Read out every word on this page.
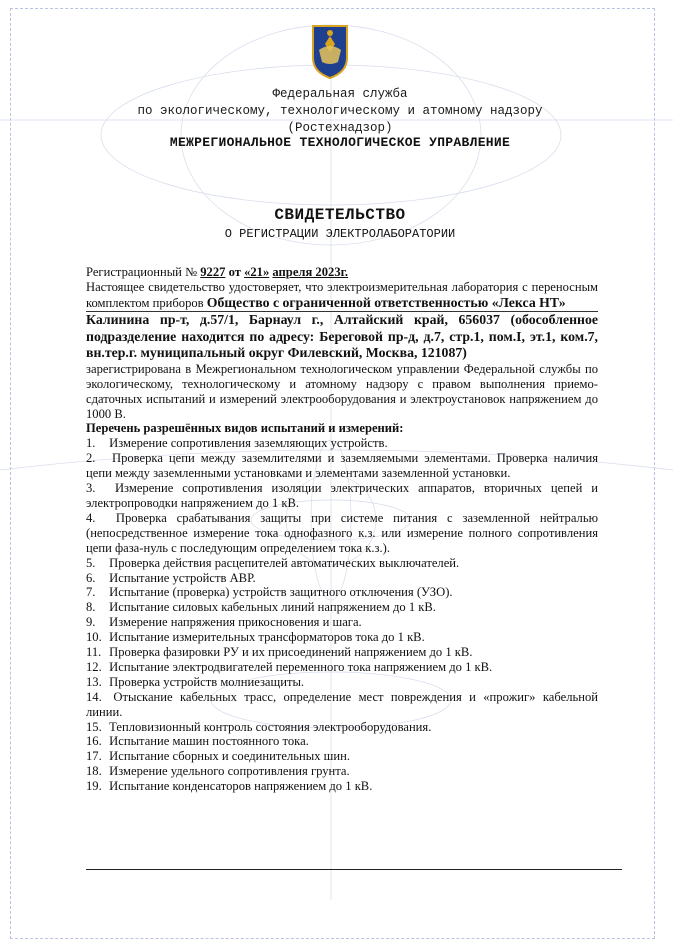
Федеральная служба
по экологическому, технологическому и атомному надзору
(Ростехнадзор)
МЕЖРЕГИОНАЛЬНОЕ ТЕХНОЛОГИЧЕСКОЕ УПРАВЛЕНИЕ
СВИДЕТЕЛЬСТВО
О РЕГИСТРАЦИИ ЭЛЕКТРОЛАБОРАТОРИИ

Регистрационный № 9227 от «21» апреля 2023г.

Настоящее свидетельство удостоверяет, что электроизмерительная лаборатория с переносным комплектом приборов Общество с ограниченной ответственностью «Лекса НТ»

Калинина пр-т, д.57/1, Барнаул г., Алтайский край, 656037 (обособленное подразделение находится по адресу: Береговой пр-д, д.7, стр.1, пом.I, эт.1, ком.7, вн.тер.г. муниципальный округ Филевский, Москва, 121087)

зарегистрирована в Межрегиональном технологическом управлении Федеральной службы по экологическому, технологическому и атомному надзору с правом выполнения приемо-сдаточных испытаний и измерений электрооборудования и электроустановок напряжением до 1000 В.

Перечень разрешённых видов испытаний и измерений:

1. Измерение сопротивления заземляющих устройств.
2. Проверка цепи между заземлителями и заземляемыми элементами. Проверка наличия цепи между заземленными установками и элементами заземленной установки.
3. Измерение сопротивления изоляции электрических аппаратов, вторичных цепей и электропроводки напряжением до 1 кВ.
4. Проверка срабатывания защиты при системе питания с заземленной нейтралью (непосредственное измерение тока однофазного к.з. или измерение полного сопротивления цепи фаза-нуль с последующим определением тока к.з.).
5. Проверка действия расцепителей автоматических выключателей.
6. Испытание устройств АВР.
7. Испытание (проверка) устройств защитного отключения (УЗО).
8. Испытание силовых кабельных линий напряжением до 1 кВ.
9. Измерение напряжения прикосновения и шага.
10. Испытание измерительных трансформаторов тока до 1 кВ.
11. Проверка фазировки РУ и их присоединений напряжением до 1 кВ.
12. Испытание электродвигателей переменного тока напряжением до 1 кВ.
13. Проверка устройств молниезащиты.
14. Отыскание кабельных трасс, определение мест повреждения и «прожиг» кабельной линии.
15. Тепловизионный контроль состояния электрооборудования.
16. Испытание машин постоянного тока.
17. Испытание сборных и соединительных шин.
18. Измерение удельного сопротивления грунта.
19. Испытание конденсаторов напряжением до 1 кВ.
